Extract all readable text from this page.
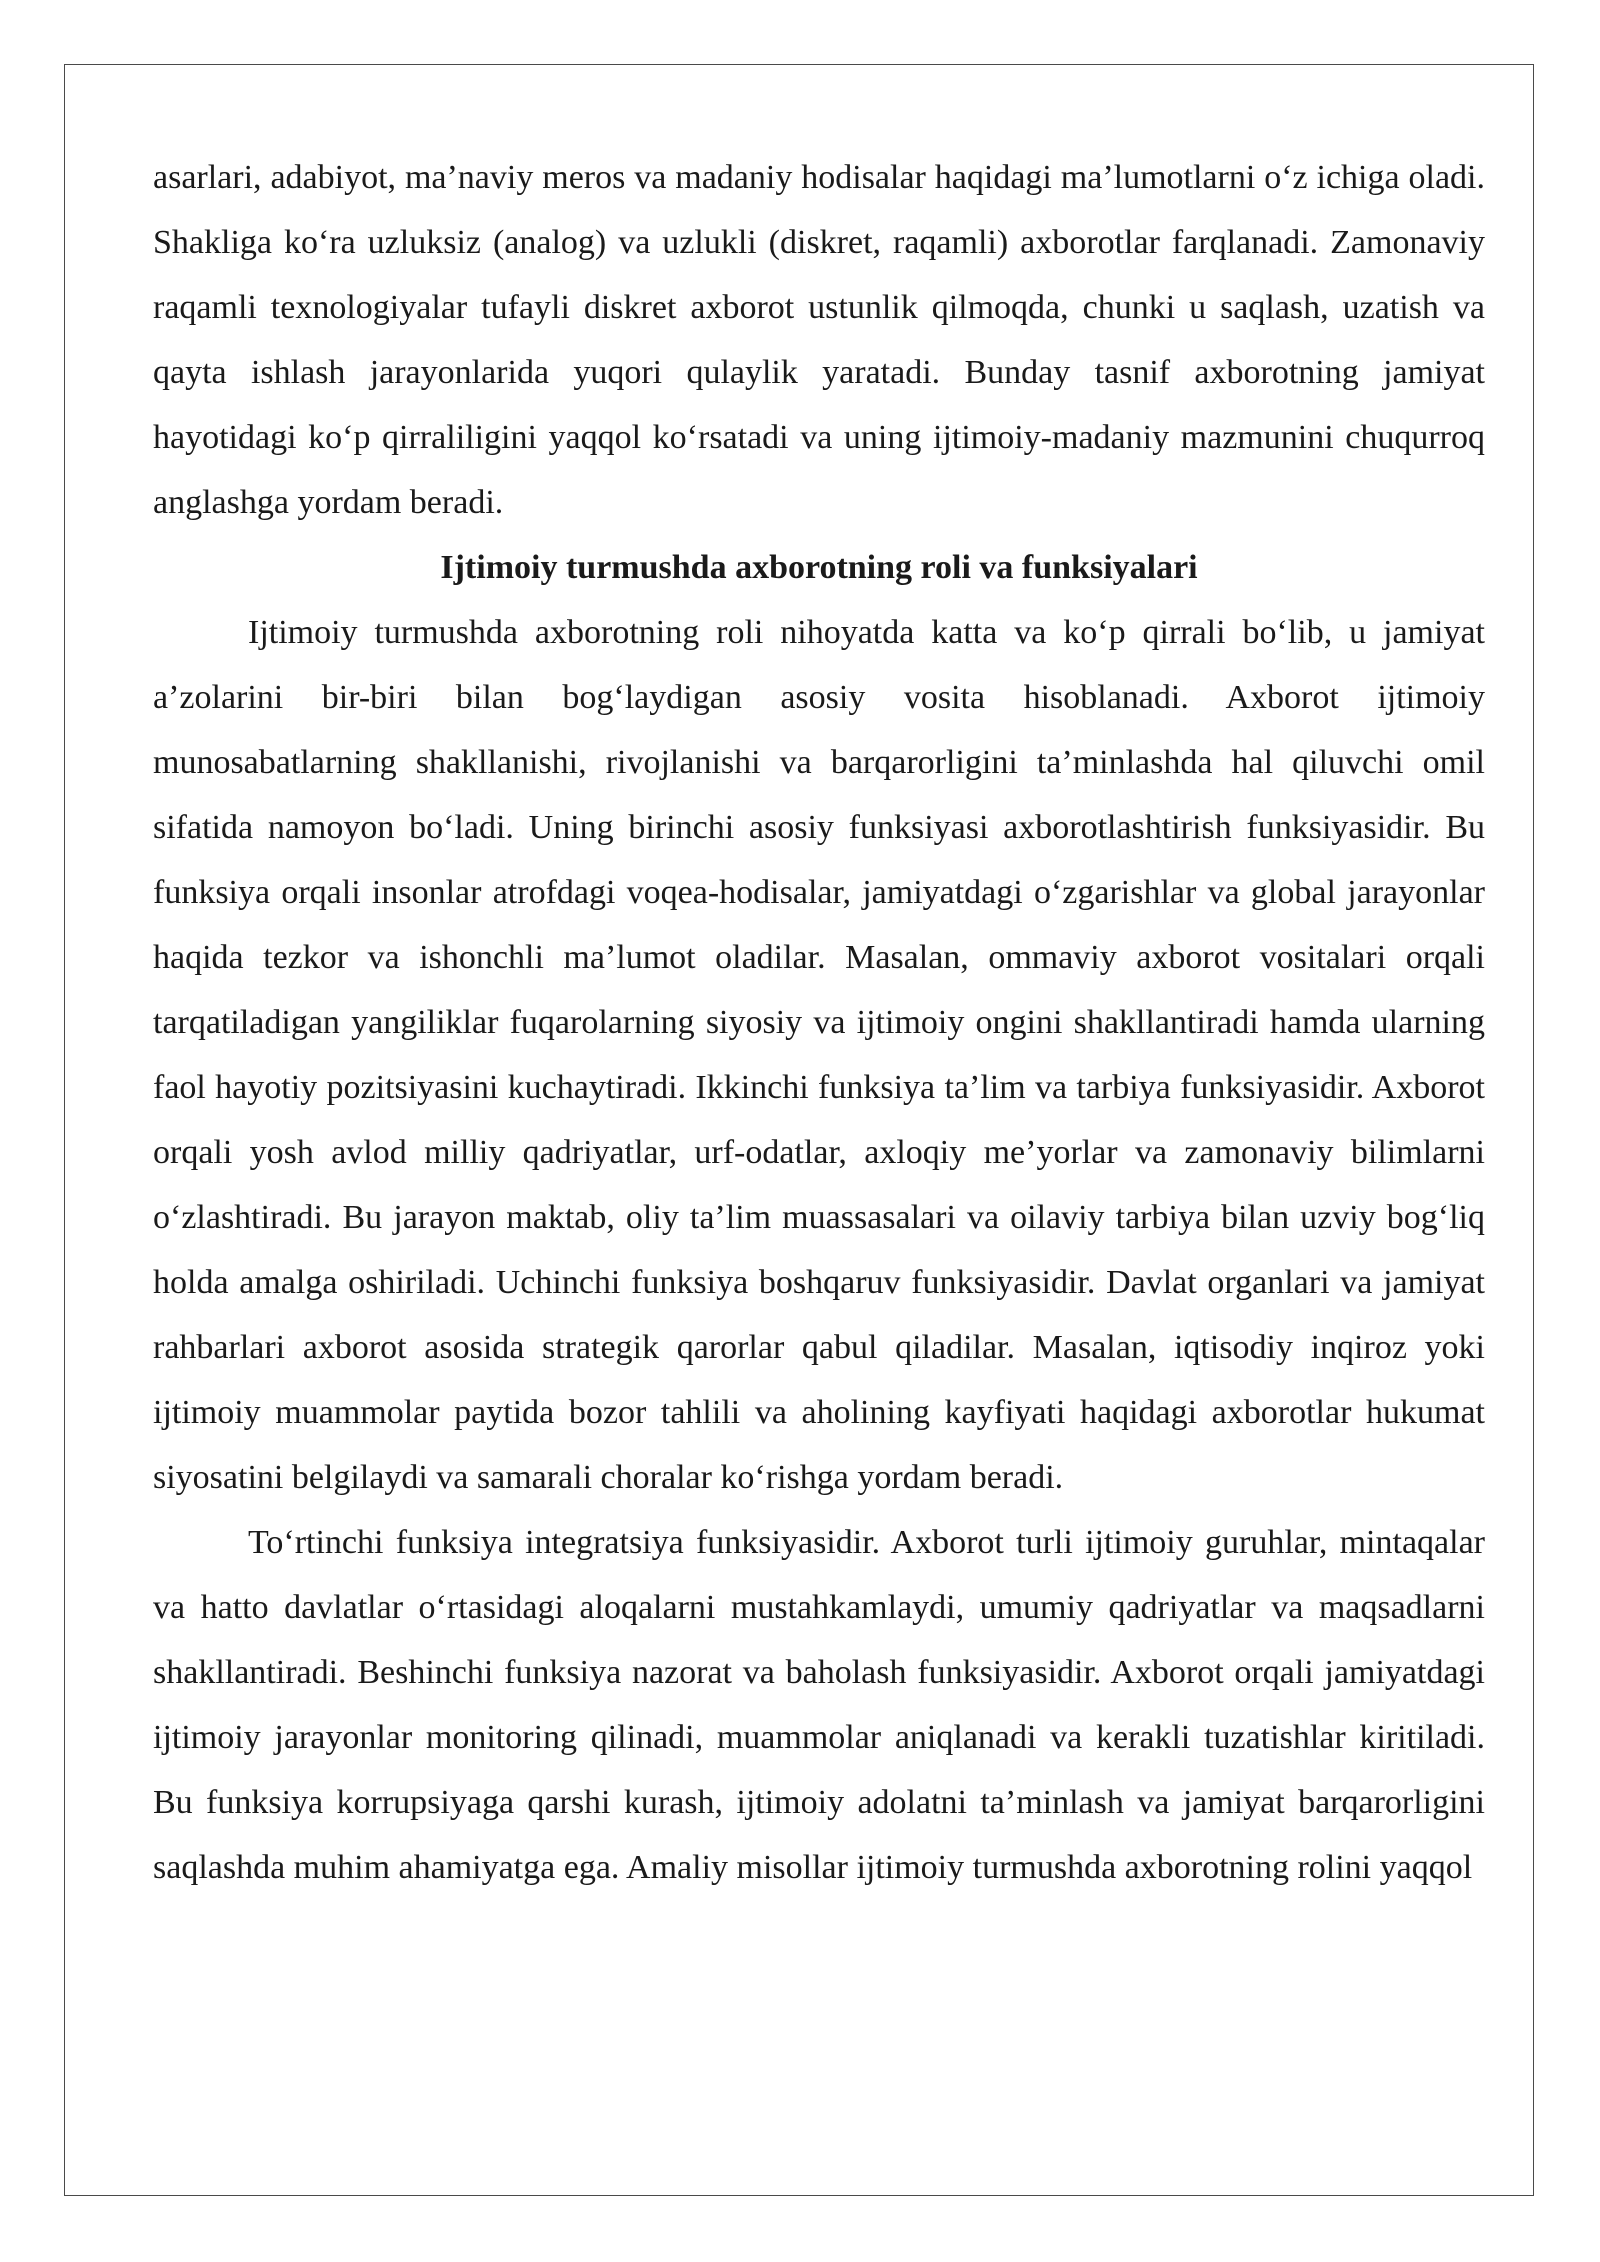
asarlari, adabiyot, ma’naviy meros va madaniy hodisalar haqidagi ma’lumotlarni o‘z ichiga oladi. Shakliga ko‘ra uzluksiz (analog) va uzlukli (diskret, raqamli) axborotlar farqlanadi. Zamonaviy raqamli texnologiyalar tufayli diskret axborot ustunlik qilmoqda, chunki u saqlash, uzatish va qayta ishlash jarayonlarida yuqori qulaylik yaratadi. Bunday tasnif axborotning jamiyat hayotidagi ko‘p qirraliligini yaqqol ko‘rsatadi va uning ijtimoiy-madaniy mazmunini chuqurroq anglashga yordam beradi.

Ijtimoiy turmushda axborotning roli va funksiyalari

Ijtimoiy turmushda axborotning roli nihoyatda katta va ko‘p qirrali bo‘lib, u jamiyat a’zolarini bir-biri bilan bog‘laydigan asosiy vosita hisoblanadi. Axborot ijtimoiy munosabatlarning shakllanishi, rivojlanishi va barqarorligini ta’minlashda hal qiluvchi omil sifatida namoyon bo‘ladi. Uning birinchi asosiy funksiyasi axborotlashtirish funksiyasidir. Bu funksiya orqali insonlar atrofdagi voqea-hodisalar, jamiyatdagi o‘zgarishlar va global jarayonlar haqida tezkor va ishonchli ma’lumot oladilar. Masalan, ommaviy axborot vositalari orqali tarqatiladigan yangiliklar fuqarolarning siyosiy va ijtimoiy ongini shakllantiradi hamda ularning faol hayotiy pozitsiyasini kuchaytiradi. Ikkinchi funksiya ta’lim va tarbiya funksiyasidir. Axborot orqali yosh avlod milliy qadriyatlar, urf-odatlar, axloqiy me’yorlar va zamonaviy bilimlarni o‘zlashtiradi. Bu jarayon maktab, oliy ta’lim muassasalari va oilaviy tarbiya bilan uzviy bog‘liq holda amalga oshiriladi. Uchinchi funksiya boshqaruv funksiyasidir. Davlat organlari va jamiyat rahbarlari axborot asosida strategik qarorlar qabul qiladilar. Masalan, iqtisodiy inqiroz yoki ijtimoiy muammolar paytida bozor tahlili va aholining kayfiyati haqidagi axborotlar hukumat siyosatini belgilaydi va samarali choralar ko‘rishga yordam beradi.

To‘rtinchi funksiya integratsiya funksiyasidir. Axborot turli ijtimoiy guruhlar, mintaqalar va hatto davlatlar o‘rtasidagi aloqalarni mustahkamlaydi, umumiy qadriyatlar va maqsadlarni shakllantiradi. Beshinchi funksiya nazorat va baholash funksiyasidir. Axborot orqali jamiyatdagi ijtimoiy jarayonlar monitoring qilinadi, muammolar aniqlanadi va kerakli tuzatishlar kiritiladi. Bu funksiya korrupsiyaga qarshi kurash, ijtimoiy adolatni ta’minlash va jamiyat barqarorligini saqlashda muhim ahamiyatga ega. Amaliy misollar ijtimoiy turmushda axborotning rolini yaqqol
